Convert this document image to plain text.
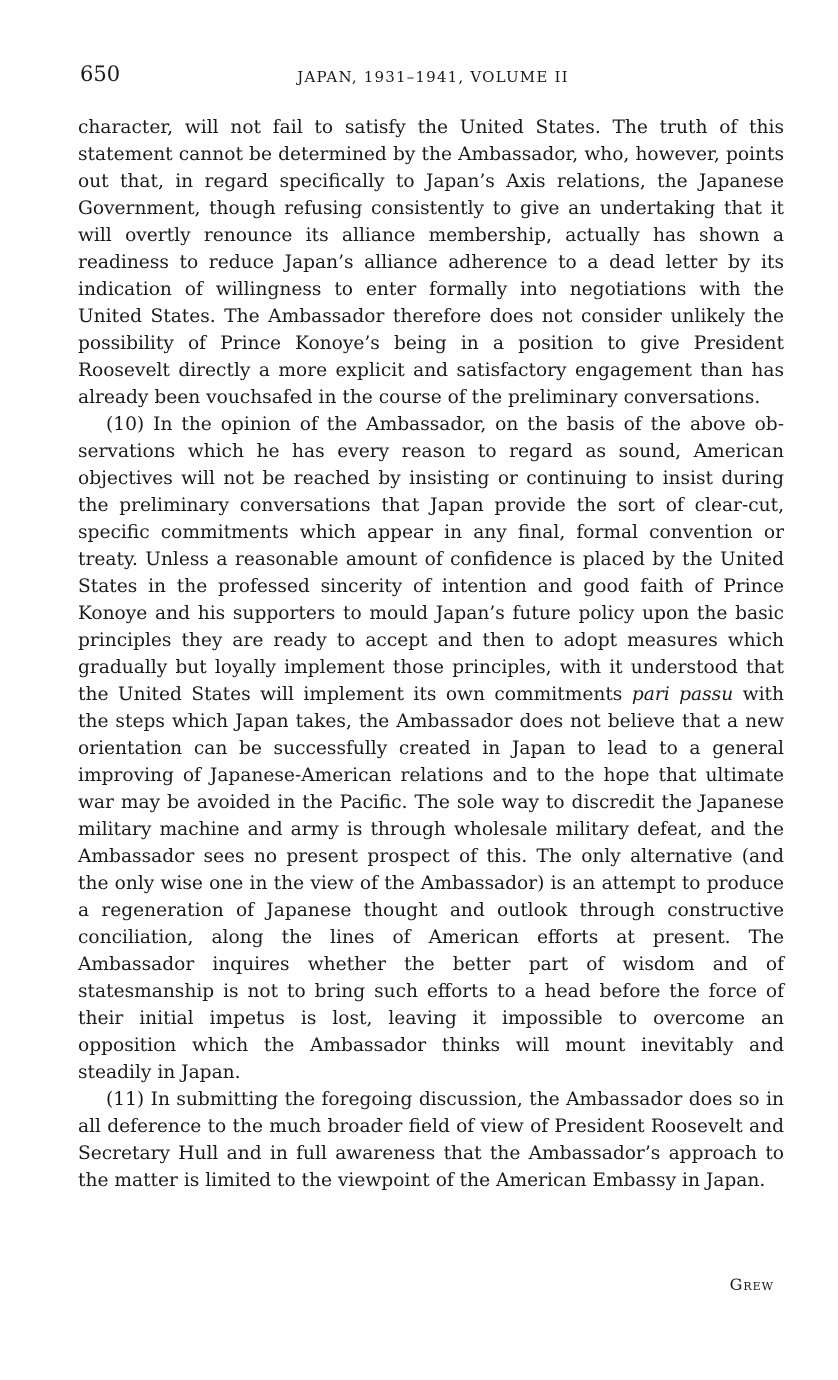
650	JAPAN, 1931–1941, VOLUME II

character, will not fail to satisfy the United States. The truth of this statement cannot be determined by the Ambassador, who, however, points out that, in regard specifically to Japan’s Axis relations, the Japanese Government, though refusing consistently to give an undertaking that it will overtly renounce its alliance membership, actually has shown a readiness to reduce Japan’s alliance adherence to a dead letter by its indication of willingness to enter formally into negotiations with the United States. The Ambassador therefore does not consider unlikely the possibility of Prince Konoye’s being in a position to give President Roosevelt directly a more explicit and satisfactory engagement than has already been vouchsafed in the course of the preliminary conversations.

(10) In the opinion of the Ambassador, on the basis of the above observations which he has every reason to regard as sound, American objectives will not be reached by insisting or continuing to insist during the preliminary conversations that Japan provide the sort of clear-cut, specific commitments which appear in any final, formal convention or treaty. Unless a reasonable amount of confidence is placed by the United States in the professed sincerity of intention and good faith of Prince Konoye and his supporters to mould Japan’s future policy upon the basic principles they are ready to accept and then to adopt measures which gradually but loyally implement those principles, with it understood that the United States will implement its own commitments pari passu with the steps which Japan takes, the Ambassador does not believe that a new orientation can be successfully created in Japan to lead to a general improving of Japanese-American relations and to the hope that ultimate war may be avoided in the Pacific. The sole way to discredit the Japanese military machine and army is through wholesale military defeat, and the Ambassador sees no present prospect of this. The only alternative (and the only wise one in the view of the Ambassador) is an attempt to produce a regeneration of Japanese thought and outlook through constructive conciliation, along the lines of American efforts at present. The Ambassador inquires whether the better part of wisdom and of statesmanship is not to bring such efforts to a head before the force of their initial impetus is lost, leaving it impossible to overcome an opposition which the Ambassador thinks will mount inevitably and steadily in Japan.

(11) In submitting the foregoing discussion, the Ambassador does so in all deference to the much broader field of view of President Roosevelt and Secretary Hull and in full awareness that the Ambassador’s approach to the matter is limited to the viewpoint of the American Embassy in Japan.

Grew
